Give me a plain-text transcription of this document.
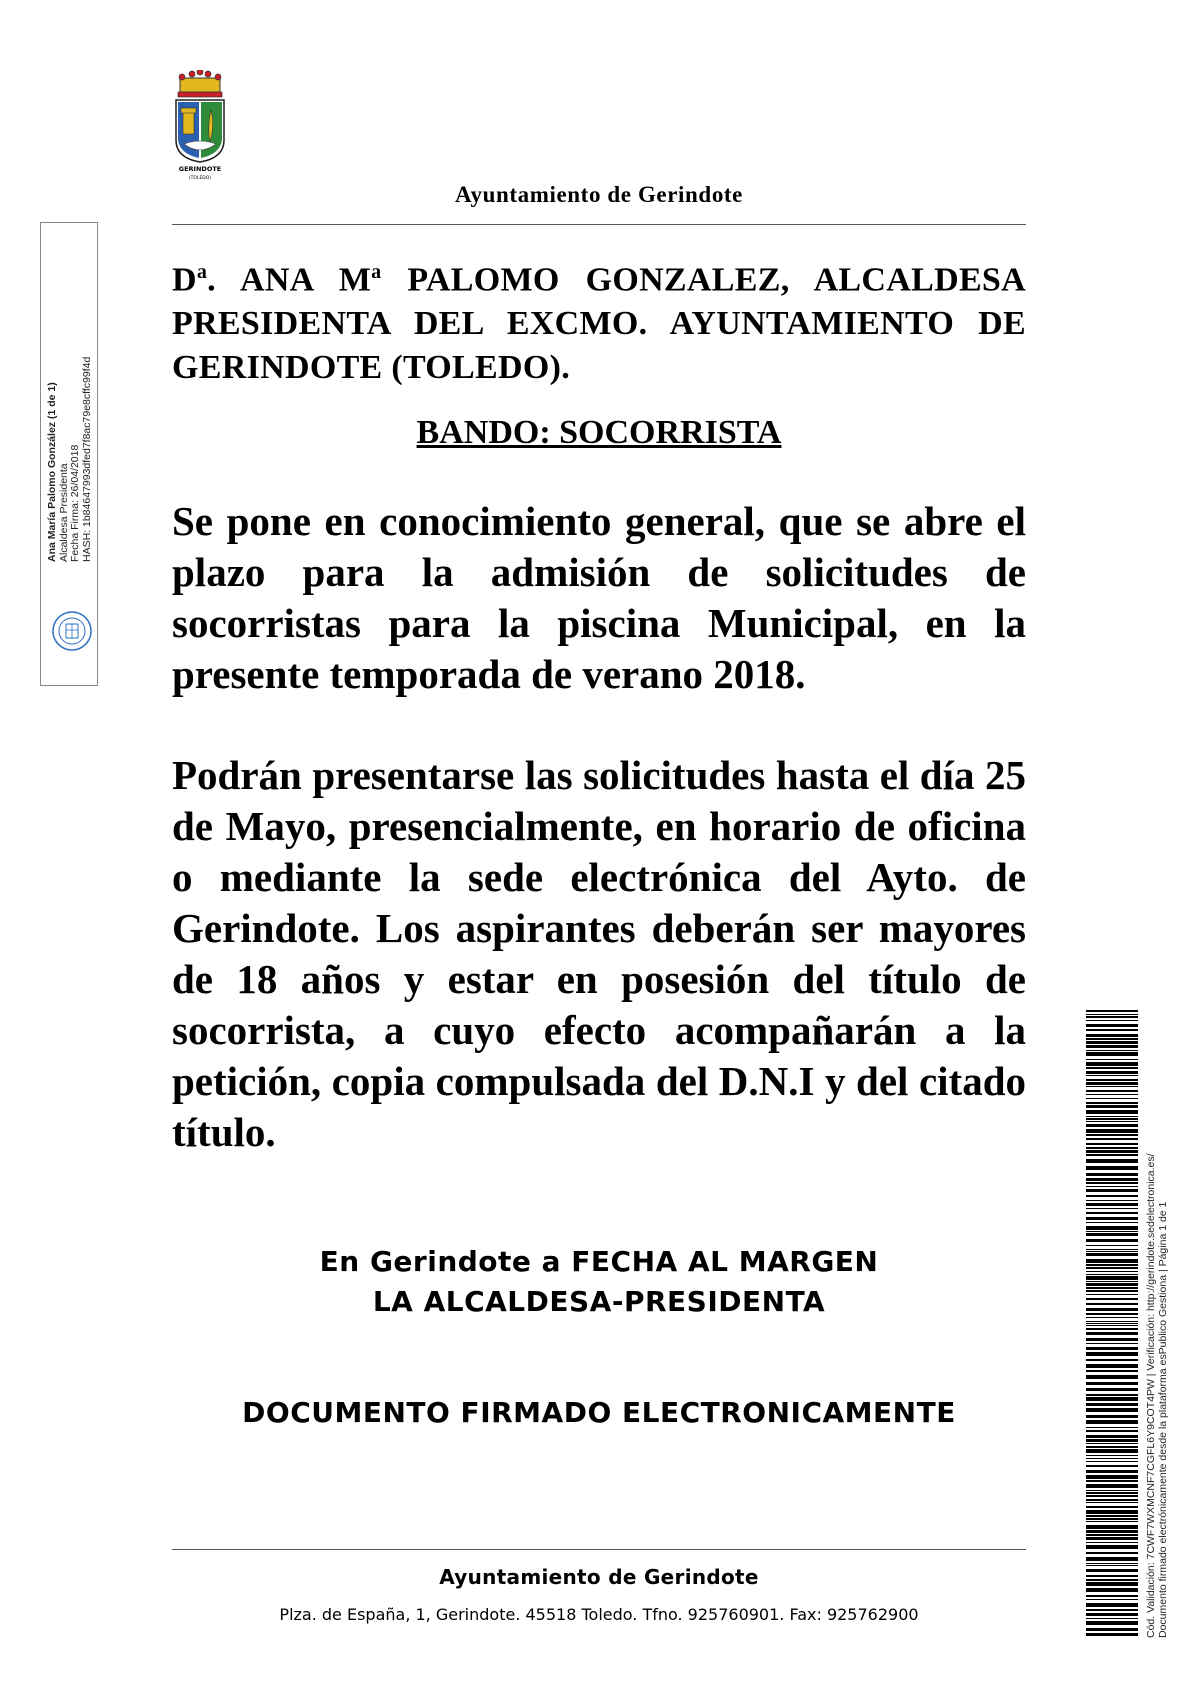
GERINDOTE
(TOLEDO)
Ayuntamiento de Gerindote
$D^a$. ANA $M^a$ PALOMO GONZALEZ, ALCALDESA PRESIDENTA DEL EXCMO. AYUNTAMIENTO DE GERINDOTE (TOLEDO).
BANDO: SOCORRISTA
Se pone en conocimiento general, que se abre el plazo para la admisión de solicitudes de socorristas para la piscina Municipal, en la presente temporada de verano 2018.
Podrán presentarse las solicitudes hasta el día 25 de Mayo, presencialmente, en horario de oficina o mediante la sede electrónica del Ayto. de Gerindote. Los aspirantes deberán ser mayores de 18 años y estar en posesión del título de socorrista, a cuyo efecto acompañarán a la petición, copia compulsada del D.N.I y del citado título.
En Gerindote a FECHA AL MARGEN
LA ALCALDESA-PRESIDENTA
DOCUMENTO FIRMADO ELECTRONICAMENTE
Ayuntamiento de Gerindote
Plza. de España, 1, Gerindote. 45518 Toledo. Tfno. 925760901. Fax: 925762900
Ana María Palomo González (1 de 1) Alcaldesa Presidenta Fecha Firma: 26/04/2018 HASH: 1b84647993dfed7f8ac79e8cffc99f4d
Cód. Validación: 7CWF7WXMCNF7CGFL6Y9COT4PW | Verificación: http://gerindote.sedelectronica.es/ Documento firmado electrónicamente desde la plataforma esPublico Gestiona | Página 1 de 1
